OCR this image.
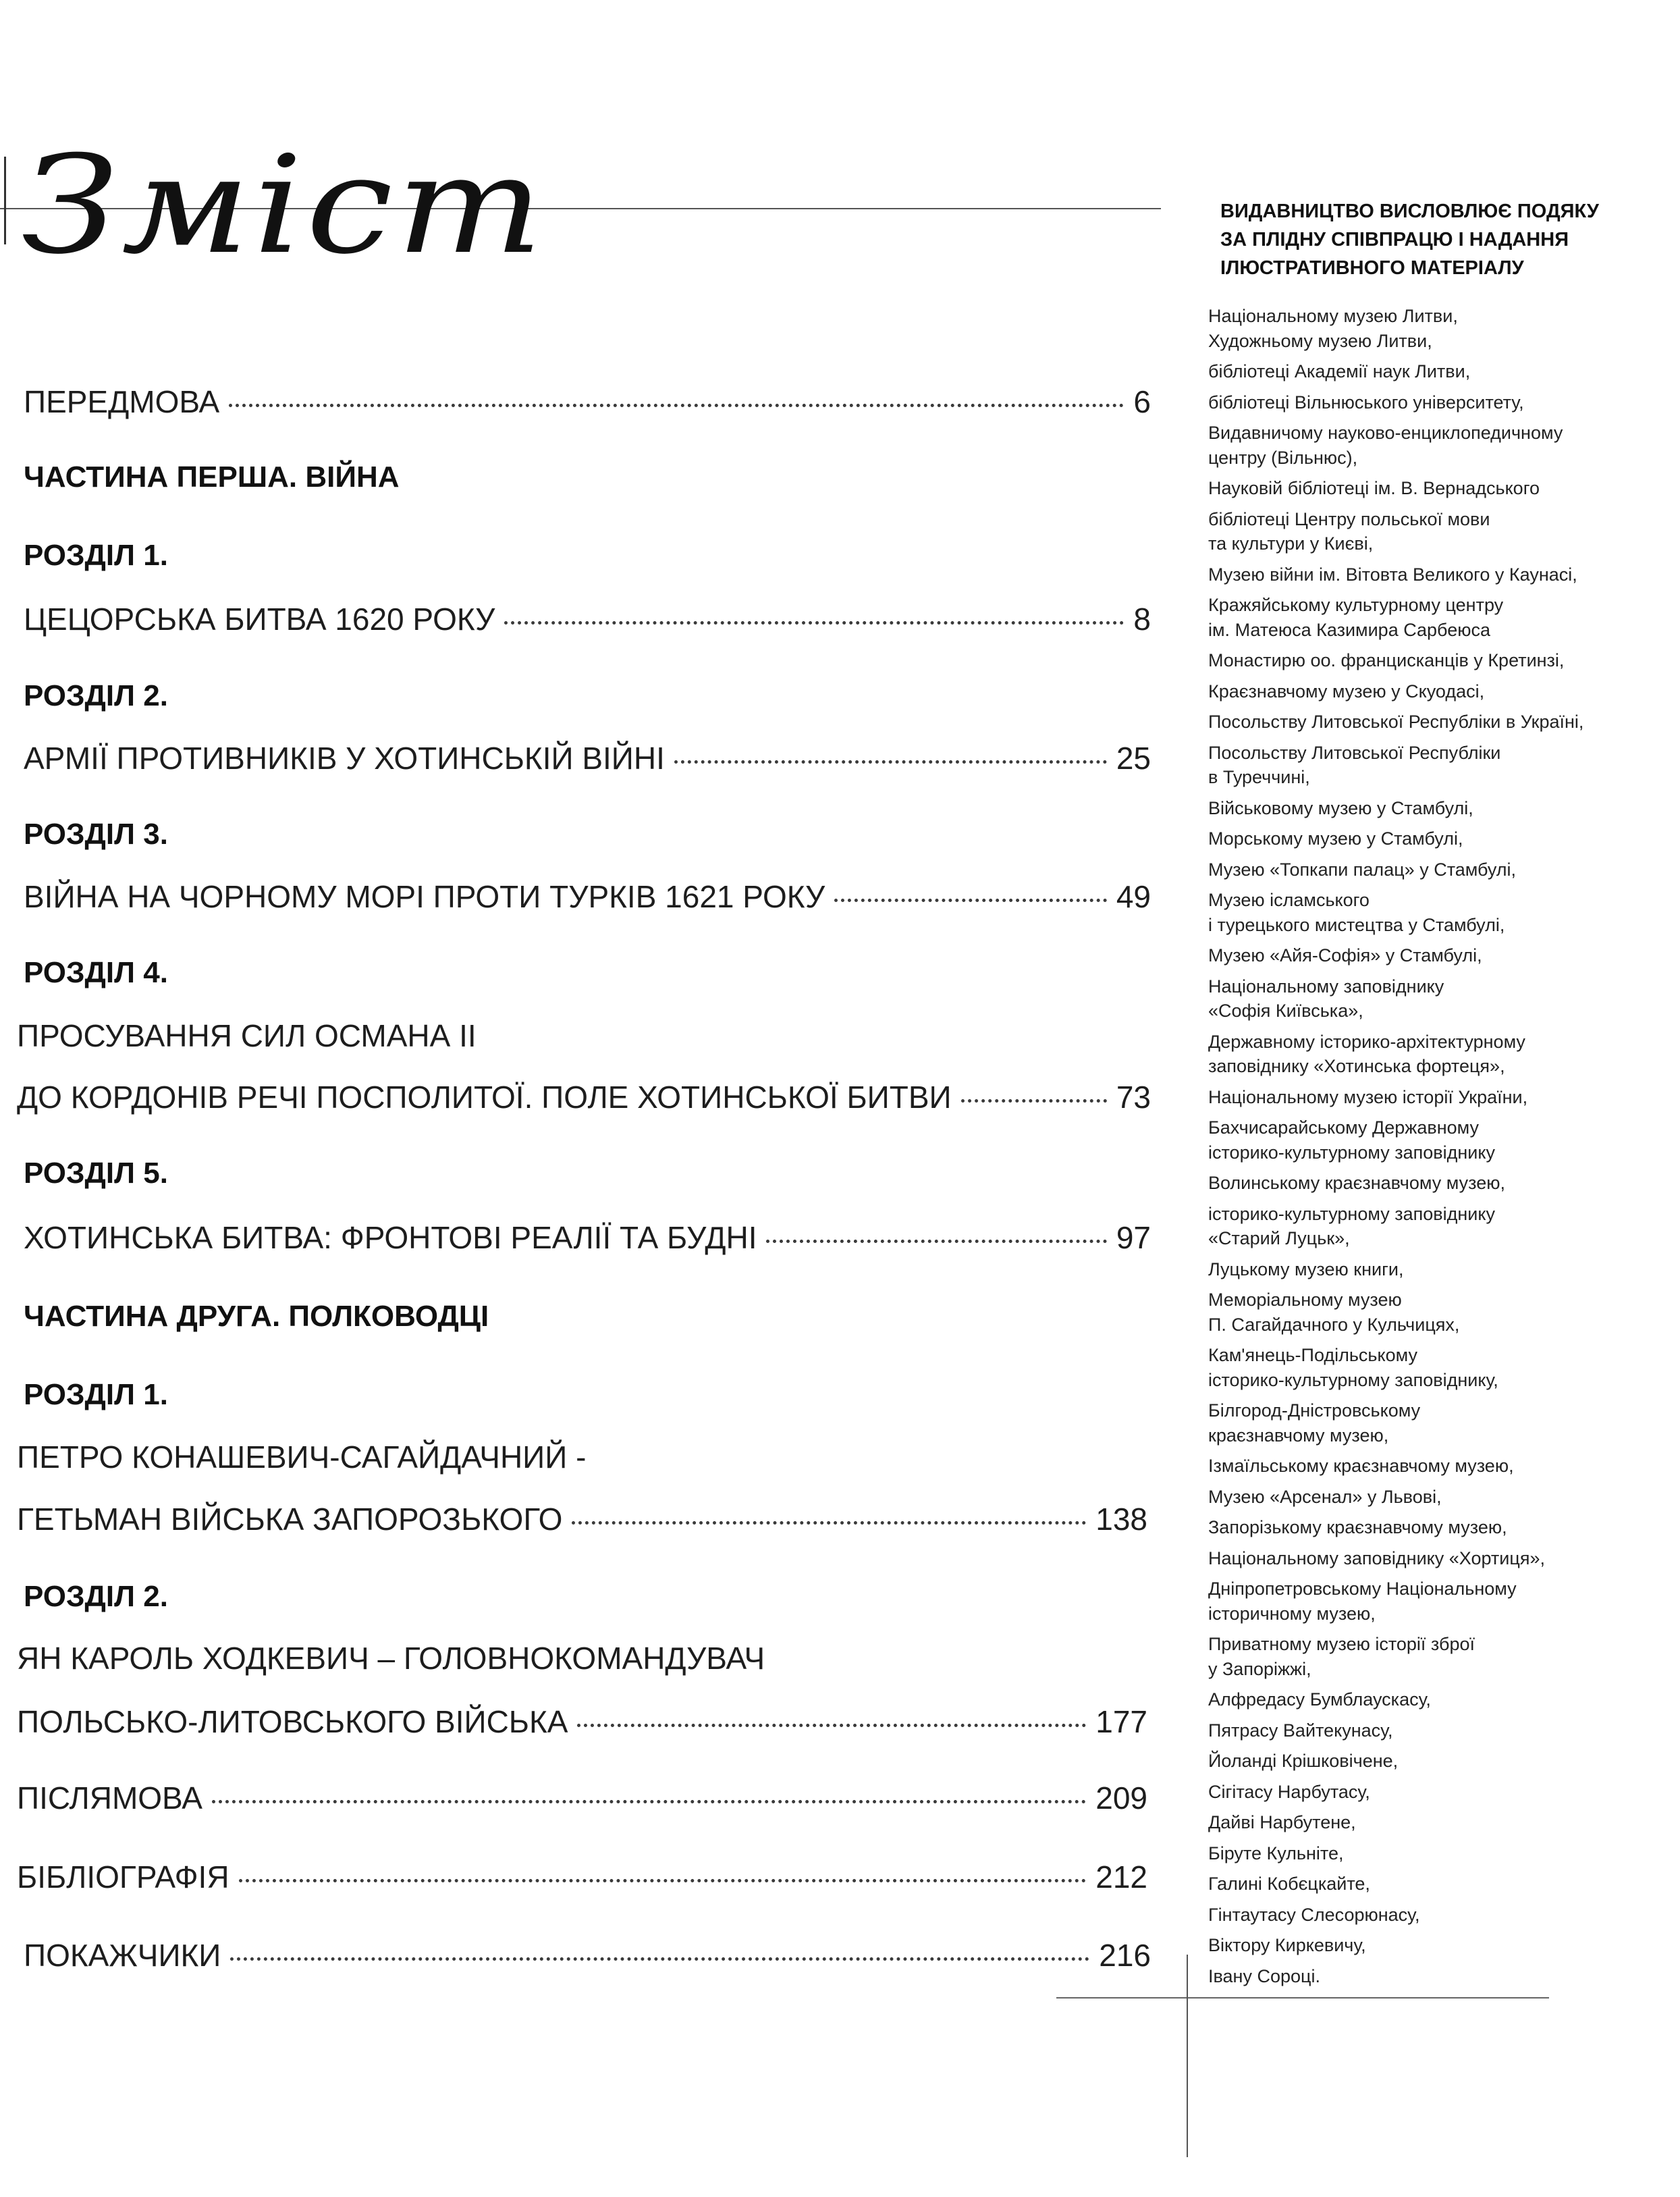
Зміст
ПЕРЕДМОВА	6
ЧАСТИНА ПЕРША. ВІЙНА
РОЗДІЛ 1.
ЦЕЦОРСЬКА БИТВА 1620 РОКУ	8
РОЗДІЛ 2.
АРМІЇ ПРОТИВНИКІВ У ХОТИНСЬКІЙ ВІЙНІ	25
РОЗДІЛ 3.
ВІЙНА НА ЧОРНОМУ МОРІ ПРОТИ ТУРКІВ 1621 РОКУ	49
РОЗДІЛ 4.
ПРОСУВАННЯ СИЛ ОСМАНА ІІ
ДО КОРДОНІВ РЕЧІ ПОСПОЛИТОЇ. ПОЛЕ ХОТИНСЬКОЇ БИТВИ	73
РОЗДІЛ 5.
ХОТИНСЬКА БИТВА: ФРОНТОВІ РЕАЛІЇ ТА БУДНІ	97
ЧАСТИНА ДРУГА. ПОЛКОВОДЦІ
РОЗДІЛ 1.
ПЕТРО КОНАШЕВИЧ-САГАЙДАЧНИЙ -
ГЕТЬМАН ВІЙСЬКА ЗАПОРОЗЬКОГО	138
РОЗДІЛ 2.
ЯН КАРОЛЬ ХОДКЕВИЧ – ГОЛОВНОКОМАНДУВАЧ
ПОЛЬСЬКО-ЛИТОВСЬКОГО ВІЙСЬКА	177
ПІСЛЯМОВА	209
БІБЛІОГРАФІЯ	212
ПОКАЖЧИКИ	216
ВИДАВНИЦТВО ВИСЛОВЛЮЄ ПОДЯКУ
ЗА ПЛІДНУ СПІВПРАЦЮ І НАДАННЯ
ІЛЮСТРАТИВНОГО МАТЕРІАЛУ
Національному музею Литви,
Художньому музею Литви,
бібліотеці Академії наук Литви,
бібліотеці Вільнюського університету,
Видавничому науково-енциклопедичному
центру (Вільнюс),
Науковій бібліотеці ім. В. Вернадського
бібліотеці Центру польської мови
та культури у Києві,
Музею війни ім. Вітовта Великого у Каунасі,
Кражяйському культурному центру
ім. Матеюса Казимира Сарбеюса
Монастирю оо. францисканців у Кретинзі,
Краєзнавчому музею у Скуодасі,
Посольству Литовської Республіки в Україні,
Посольству Литовської Республіки
в Туреччині,
Військовому музею у Стамбулі,
Морському музею у Стамбулі,
Музею «Топкапи палац» у Стамбулі,
Музею ісламського
і турецького мистецтва у Стамбулі,
Музею «Айя-Софія» у Стамбулі,
Національному заповіднику
«Софія Київська»,
Державному історико-архітектурному
заповіднику «Хотинська фортеця»,
Національному музею історії України,
Бахчисарайському Державному
історико-культурному заповіднику
Волинському краєзнавчому музею,
історико-культурному заповіднику
«Старий Луцьк»,
Луцькому музею книги,
Меморіальному музею
П. Сагайдачного у Кульчицях,
Кам'янець-Подільському
історико-культурному заповіднику,
Білгород-Дністровському
краєзнавчому музею,
Ізмаїльському краєзнавчому музею,
Музею «Арсенал» у Львові,
Запорізькому краєзнавчому музею,
Національному заповіднику «Хортиця»,
Дніпропетровському Національному
історичному музею,
Приватному музею історії зброї
у Запоріжжі,
Алфредасу Бумблаускасу,
Пятрасу Вайтекунасу,
Йоланді Крішковічене,
Сігітасу Нарбутасу,
Дайві Нарбутене,
Біруте Кульніте,
Галині Кобєцкайте,
Гінтаутасу Слесорюнасу,
Віктору Киркевичу,
Івану Сороці.
